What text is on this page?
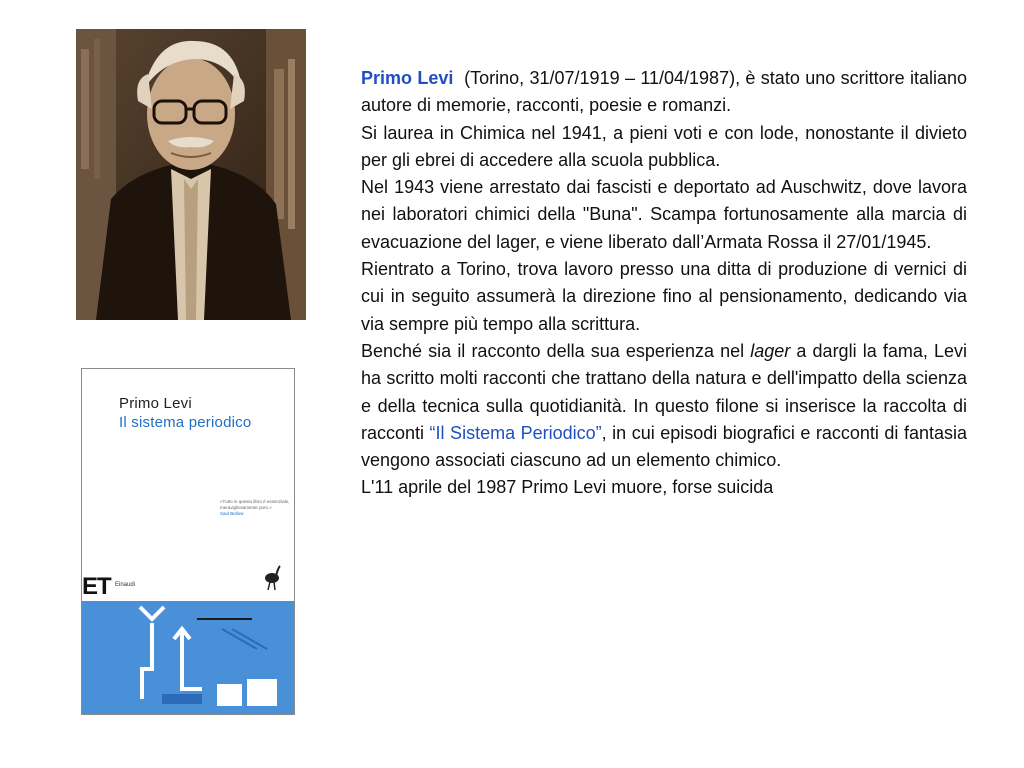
Primo Levi
Il sistema periodico
«Tutto in questo libro è essenziale, meravigliosamente puro.»
Saul Bellow
ET Einaudi

Primo Levi (Torino, 31/07/1919 – 11/04/1987), è stato uno scrittore italiano autore di memorie, racconti, poesie e romanzi.

Si laurea in Chimica nel 1941, a pieni voti e con lode, nonostante il divieto per gli ebrei di accedere alla scuola pubblica.

Nel 1943 viene arrestato dai fascisti e deportato ad Auschwitz, dove lavora nei laboratori chimici della "Buna". Scampa fortunosamente alla marcia di evacuazione del lager, e viene liberato dall’Armata Rossa il 27/01/1945.

Rientrato a Torino, trova lavoro presso una ditta di produzione di vernici di cui in seguito assumerà la direzione fino al pensionamento, dedicando via via sempre più tempo alla scrittura.

Benché sia il racconto della sua esperienza nel lager a dargli la fama, Levi ha scritto molti racconti che trattano della natura e dell'impatto della scienza e della tecnica sulla quotidianità. In questo filone si inserisce la raccolta di racconti “Il Sistema Periodico”, in cui episodi biografici e racconti di fantasia vengono associati ciascuno ad un elemento chimico.

L'11 aprile del 1987 Primo Levi muore, forse suicida
